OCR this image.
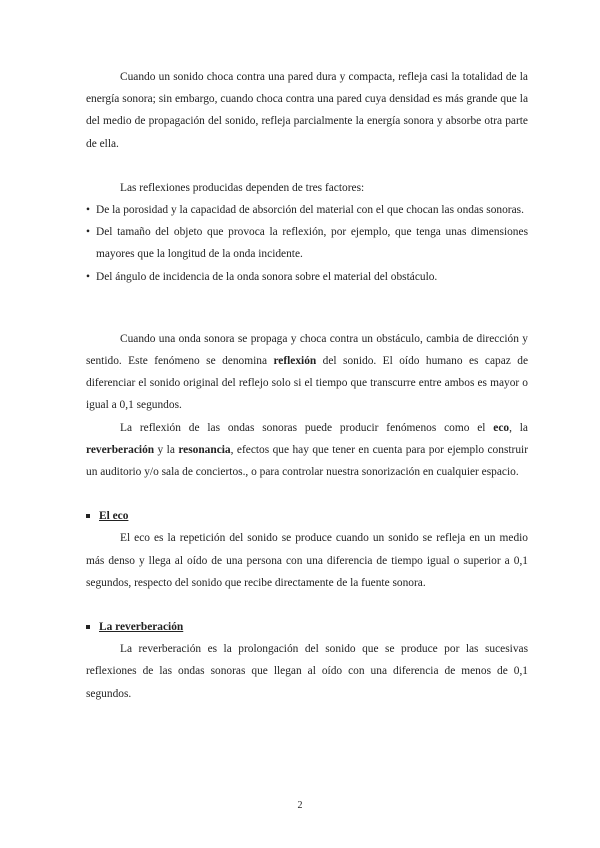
Cuando un sonido choca contra una pared dura y compacta, refleja casi la totalidad de la energía sonora; sin embargo, cuando choca contra una pared cuya densidad es más grande que la del medio de propagación del sonido, refleja parcialmente la energía sonora y absorbe otra parte de ella.

Las reflexiones producidas dependen de tres factores:

• De la porosidad y la capacidad de absorción del material con el que chocan las ondas sonoras.
• Del tamaño del objeto que provoca la reflexión, por ejemplo, que tenga unas dimensiones mayores que la longitud de la onda incidente.
• Del ángulo de incidencia de la onda sonora sobre el material del obstáculo.

Cuando una onda sonora se propaga y choca contra un obstáculo, cambia de dirección y sentido. Este fenómeno se denomina reflexión del sonido. El oído humano es capaz de diferenciar el sonido original del reflejo solo si el tiempo que transcurre entre ambos es mayor o igual a 0,1 segundos.

La reflexión de las ondas sonoras puede producir fenómenos como el eco, la reverberación y la resonancia, efectos que hay que tener en cuenta para por ejemplo construir un auditorio y/o sala de conciertos., o para controlar nuestra sonorización en cualquier espacio.

El eco

El eco es la repetición del sonido se produce cuando un sonido se refleja en un medio más denso y llega al oído de una persona con una diferencia de tiempo igual o superior a 0,1 segundos, respecto del sonido que recibe directamente de la fuente sonora.

La reverberación

La reverberación es la prolongación del sonido que se produce por las sucesivas reflexiones de las ondas sonoras que llegan al oído con una diferencia de menos de 0,1 segundos.

2
